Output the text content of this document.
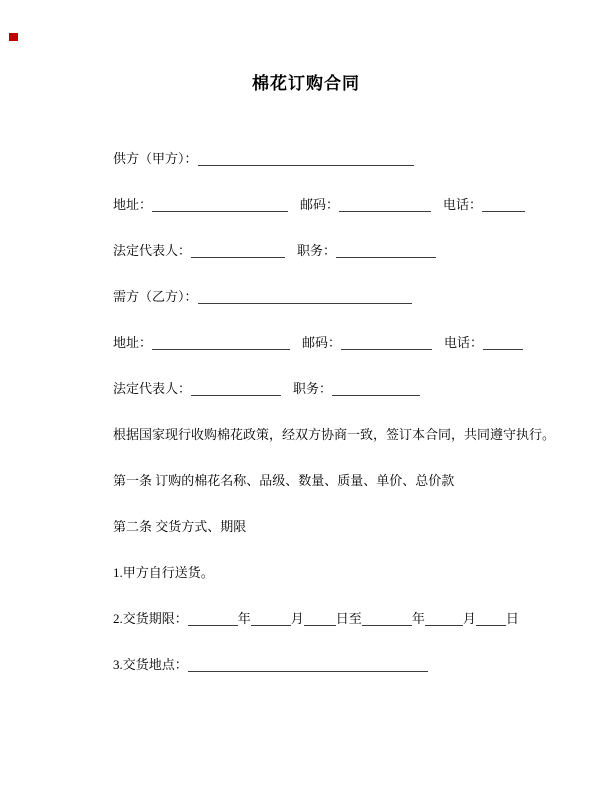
棉花订购合同
供方（甲方）：
地址：	邮码：	电话：
法定代表人：	职务：
需方（乙方）：
地址：	邮码：	电话：
法定代表人：	职务：
根据国家现行收购棉花政策，经双方协商一致，签订本合同，共同遵守执行。
第一条 订购的棉花名称、品级、数量、质量、单价、总价款
第二条 交货方式、期限
1.甲方自行送货。
2.交货期限：	年	月 日至	年	月 日
3.交货地点：
